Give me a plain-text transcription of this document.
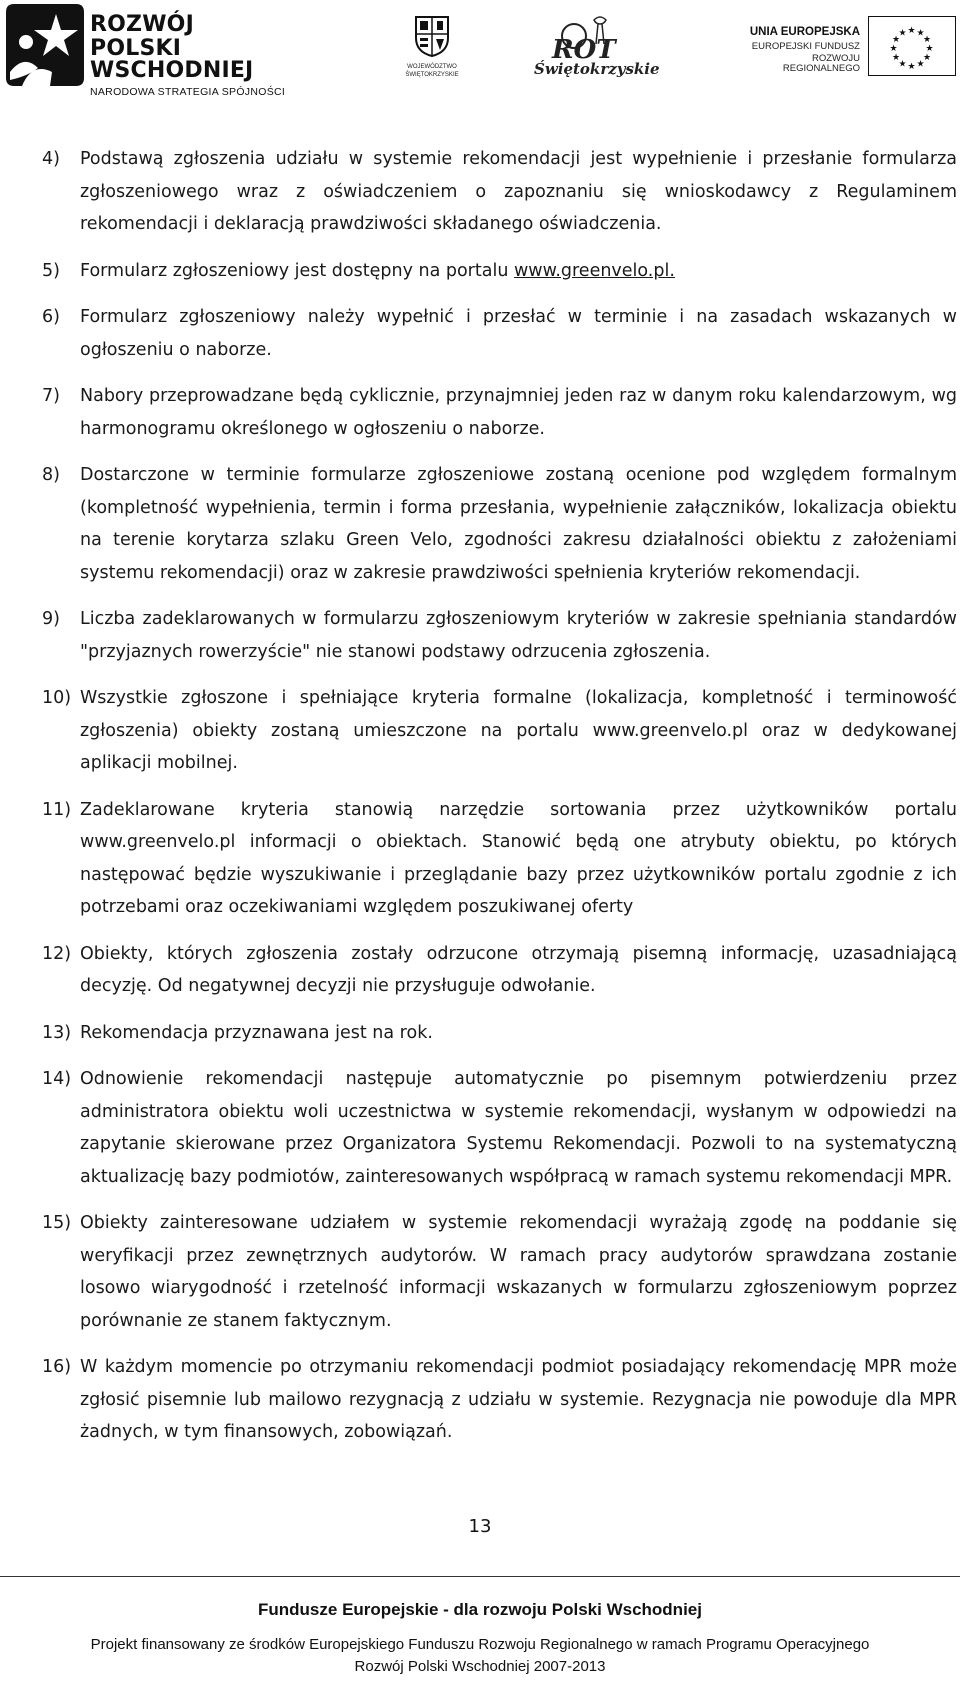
ROZWÓJ
POLSKI WSCHODNIEJ
NARODOWA STRATEGIA SPÓJNOŚCI
WOJEWÓDZTWO
ŚWIĘTOKRZYSKIE
ROT
Świętokrzyskie
UNIA EUROPEJSKA
EUROPEJSKI FUNDUSZ
ROZWOJU REGIONALNEGO
★ ★
★
★
★
★
★
★
★
★
★
★
4) Podstawą zgłoszenia udziału w systemie rekomendacji jest wypełnienie i przesłanie formularza zgłoszeniowego wraz z oświadczeniem o zapoznaniu się wnioskodawcy z Regulaminem rekomendacji i deklaracją prawdziwości składanego oświadczenia.
5) Formularz zgłoszeniowy jest dostępny na portalu www.greenvelo.pl.
6) Formularz zgłoszeniowy należy wypełnić i przesłać w terminie i na zasadach wskazanych w ogłoszeniu o naborze.
7) Nabory przeprowadzane będą cyklicznie, przynajmniej jeden raz w danym roku kalendarzowym, wg harmonogramu określonego w ogłoszeniu o naborze.
8) Dostarczone w terminie formularze zgłoszeniowe zostaną ocenione pod względem formalnym (kompletność wypełnienia, termin i forma przesłania, wypełnienie załączników, lokalizacja obiektu na terenie korytarza szlaku Green Velo, zgodności zakresu działalności obiektu z założeniami systemu rekomendacji) oraz w zakresie prawdziwości spełnienia kryteriów rekomendacji.
9) Liczba zadeklarowanych w formularzu zgłoszeniowym kryteriów w zakresie spełniania standardów "przyjaznych rowerzyście" nie stanowi podstawy odrzucenia zgłoszenia.
10) Wszystkie zgłoszone i spełniające kryteria formalne (lokalizacja, kompletność i terminowość zgłoszenia) obiekty zostaną umieszczone na portalu www.greenvelo.pl oraz w dedykowanej aplikacji mobilnej.
11) Zadeklarowane kryteria stanowią narzędzie sortowania przez użytkowników portalu www.greenvelo.pl informacji o obiektach. Stanowić będą one atrybuty obiektu, po których następować będzie wyszukiwanie i przeglądanie bazy przez użytkowników portalu zgodnie z ich potrzebami oraz oczekiwaniami względem poszukiwanej oferty
12) Obiekty, których zgłoszenia zostały odrzucone otrzymają pisemną informację, uzasadniającą decyzję. Od negatywnej decyzji nie przysługuje odwołanie.
13) Rekomendacja przyznawana jest na rok.
14) Odnowienie rekomendacji następuje automatycznie po pisemnym potwierdzeniu przez administratora obiektu woli uczestnictwa w systemie rekomendacji, wysłanym w odpowiedzi na zapytanie skierowane przez Organizatora Systemu Rekomendacji. Pozwoli to na systematyczną aktualizację bazy podmiotów, zainteresowanych współpracą w ramach systemu rekomendacji MPR.
15) Obiekty zainteresowane udziałem w systemie rekomendacji wyrażają zgodę na poddanie się weryfikacji przez zewnętrznych audytorów. W ramach pracy audytorów sprawdzana zostanie losowo wiarygodność i rzetelność informacji wskazanych w formularzu zgłoszeniowym poprzez porównanie ze stanem faktycznym.
16) W każdym momencie po otrzymaniu rekomendacji podmiot posiadający rekomendację MPR może zgłosić pisemnie lub mailowo rezygnacją z udziału w systemie. Rezygnacja nie powoduje dla MPR żadnych, w tym finansowych, zobowiązań.
13
Fundusze Europejskie - dla rozwoju Polski Wschodniej
Projekt finansowany ze środków Europejskiego Funduszu Rozwoju Regionalnego w ramach Programu Operacyjnego
Rozwój Polski Wschodniej 2007-2013
